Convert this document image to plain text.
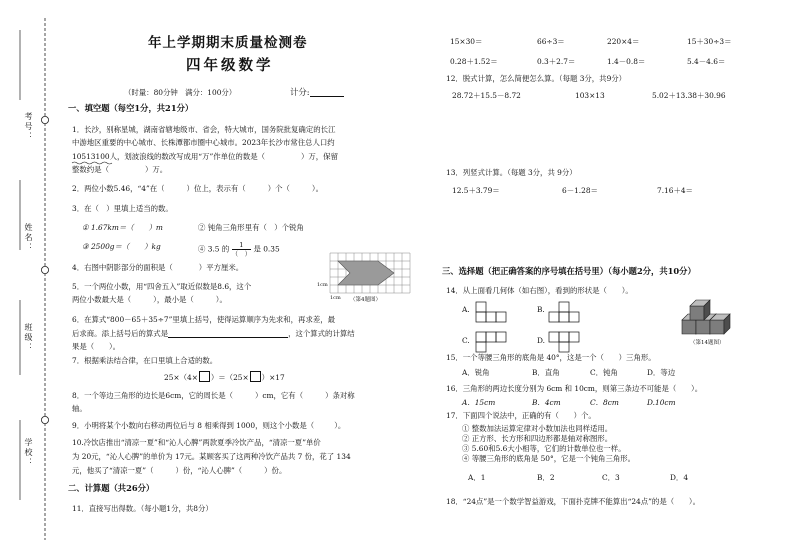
考号：
姓名：
班级：
学校：
年上学期期末质量检测卷
四年级数学
（时量：80分钟　满分：100分）	计分:
一、填空题（每空1分，共21分）
1．长沙，别称星城，湖南省辖地级市、省会，特大城市，国务院批复确定的长江
中游地区重要的中心城市、长株潭都市圈中心城市。2023年长沙市常住总人口约
10513100人，划波浪线的数改写成用“万”作单位的数是（	）万，保留
整数约是（	）万。
2．两位小数5.46，“4”在（	）位上，表示有（	）个（	）。
3．在（　）里填上适当的数。
① 1.67km＝（　　）m	② 钝角三角形里有（　）个锐角
③ 2500g＝（　　）kg	④ 3.5 的	1
（　）
是 0.35
4．右图中阴影部分的面积是（	）平方厘米。
1cm
1cm （第4题图）
5．一个两位小数，用“四舍五入”取近似数是8.6，这个
两位小数最大是（	），最小是（	）。
6．在算式“800－65＋35÷7”里填上括号，使得运算顺序为先求和，再求差，最
后求商。添上括号后的算式是	，这个算式的计算结
果是（　　）。
7．根据乘法结合律，在口里填上合适的数。
25×（4× ）＝（25× ）×17
8．一个等边三角形的边长是6cm，它的周长是（	）cm，它有（	）条对称
轴。
9．小明将某个小数向右移动两位后与 8 相乘得到 1000，则这个小数是（	）。
10.冷饮店推出“清凉一夏”和“沁人心脾”两款夏季冷饮产品，“清凉一夏”单价
为 20元，“沁人心脾”的单价为 17元。某顾客买了这两种冷饮产品共 7 份，花了 134
元，他买了“清凉一夏”（	）份，“沁人心脾”（	）份。
二、计算题（共26分）
11．直接写出得数。（每小题1分，共8分）
15×30＝	66÷3＝	220×4＝	15＋30÷3＝
0.28＋1.52＝	0.3＋2.7＝	1.4－0.8＝	5.4－4.6＝
12．脱式计算，怎么简便怎么算。（每题 3分，共9分）
28.72＋15.5－8.72	103×13	5.02＋13.38＋30.96
13．列竖式计算。（每题 3分，共 9分）
12.5＋3.79＝	6－1.28＝	7.16＋4＝
三、选择题（把正确答案的序号填在括号里）（每小题2分，共10分）
14．从上面看几何体（如右图），看到的形状是（　　）。
A.	B.
C.	D.	（第14题图）
15．一个等腰三角形的底角是 40°，这是一个（　　）三角形。
A．锐角	B．直角	C．钝角	D．等边
16．三角形的两边长度分别为 6cm 和 10cm，则第三条边不可能是（　　）。
A．15cm	B．4cm	C．8cm	D.10cm
17．下面四个说法中，正确的有（　　）个。
① 整数加法运算定律对小数加法也同样适用。
② 正方形、长方形和四边形都是轴对称图形。
③ 5.60和5.6大小相等，它们的计数单位也一样。
④ 等腰三角形的底角是 50°，它是一个钝角三角形。
A．1	B．2	C．3	D．4
18．“24点”是一个数学智益游戏，下面扑克牌不能算出“24点”的是（　　）。
